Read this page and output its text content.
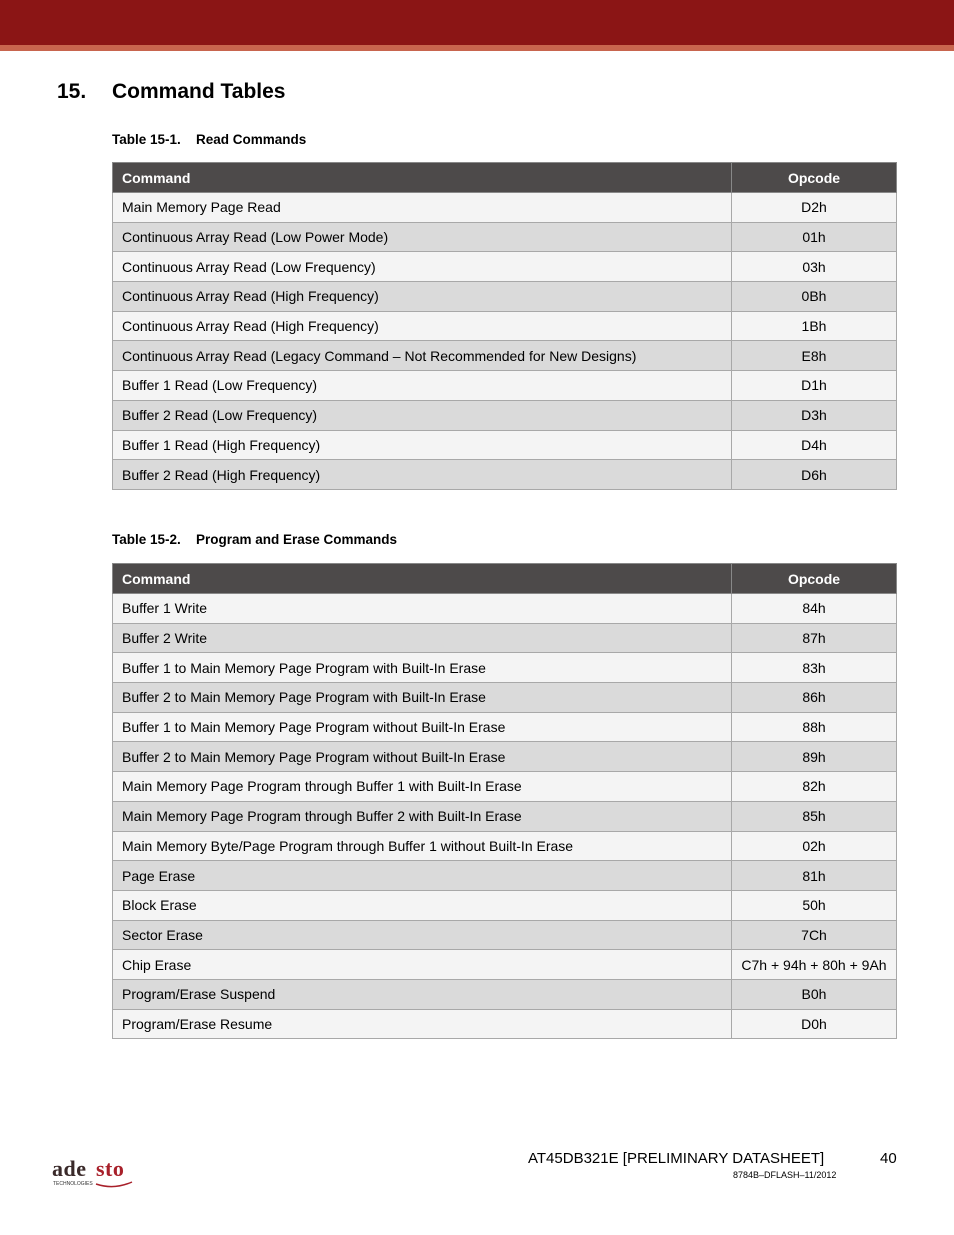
15. Command Tables
Table 15-1. Read Commands
Command	Opcode
Main Memory Page Read	D2h
Continuous Array Read (Low Power Mode)	01h
Continuous Array Read (Low Frequency)	03h
Continuous Array Read (High Frequency)	0Bh
Continuous Array Read (High Frequency)	1Bh
Continuous Array Read (Legacy Command – Not Recommended for New Designs)	E8h
Buffer 1 Read (Low Frequency)	D1h
Buffer 2 Read (Low Frequency)	D3h
Buffer 1 Read (High Frequency)	D4h
Buffer 2 Read (High Frequency)	D6h
Table 15-2. Program and Erase Commands
Command	Opcode
Buffer 1 Write	84h
Buffer 2 Write	87h
Buffer 1 to Main Memory Page Program with Built-In Erase	83h
Buffer 2 to Main Memory Page Program with Built-In Erase	86h
Buffer 1 to Main Memory Page Program without Built-In Erase	88h
Buffer 2 to Main Memory Page Program without Built-In Erase	89h
Main Memory Page Program through Buffer 1 with Built-In Erase	82h
Main Memory Page Program through Buffer 2 with Built-In Erase	85h
Main Memory Byte/Page Program through Buffer 1 without Built-In Erase	02h
Page Erase	81h
Block Erase	50h
Sector Erase	7Ch
Chip Erase	C7h + 94h + 80h + 9Ah
Program/Erase Suspend	B0h
Program/Erase Resume	D0h
ade sto
TECHNOLOGIES
AT45DB321E [PRELIMINARY DATASHEET]	40
8784B–DFLASH–11/2012
